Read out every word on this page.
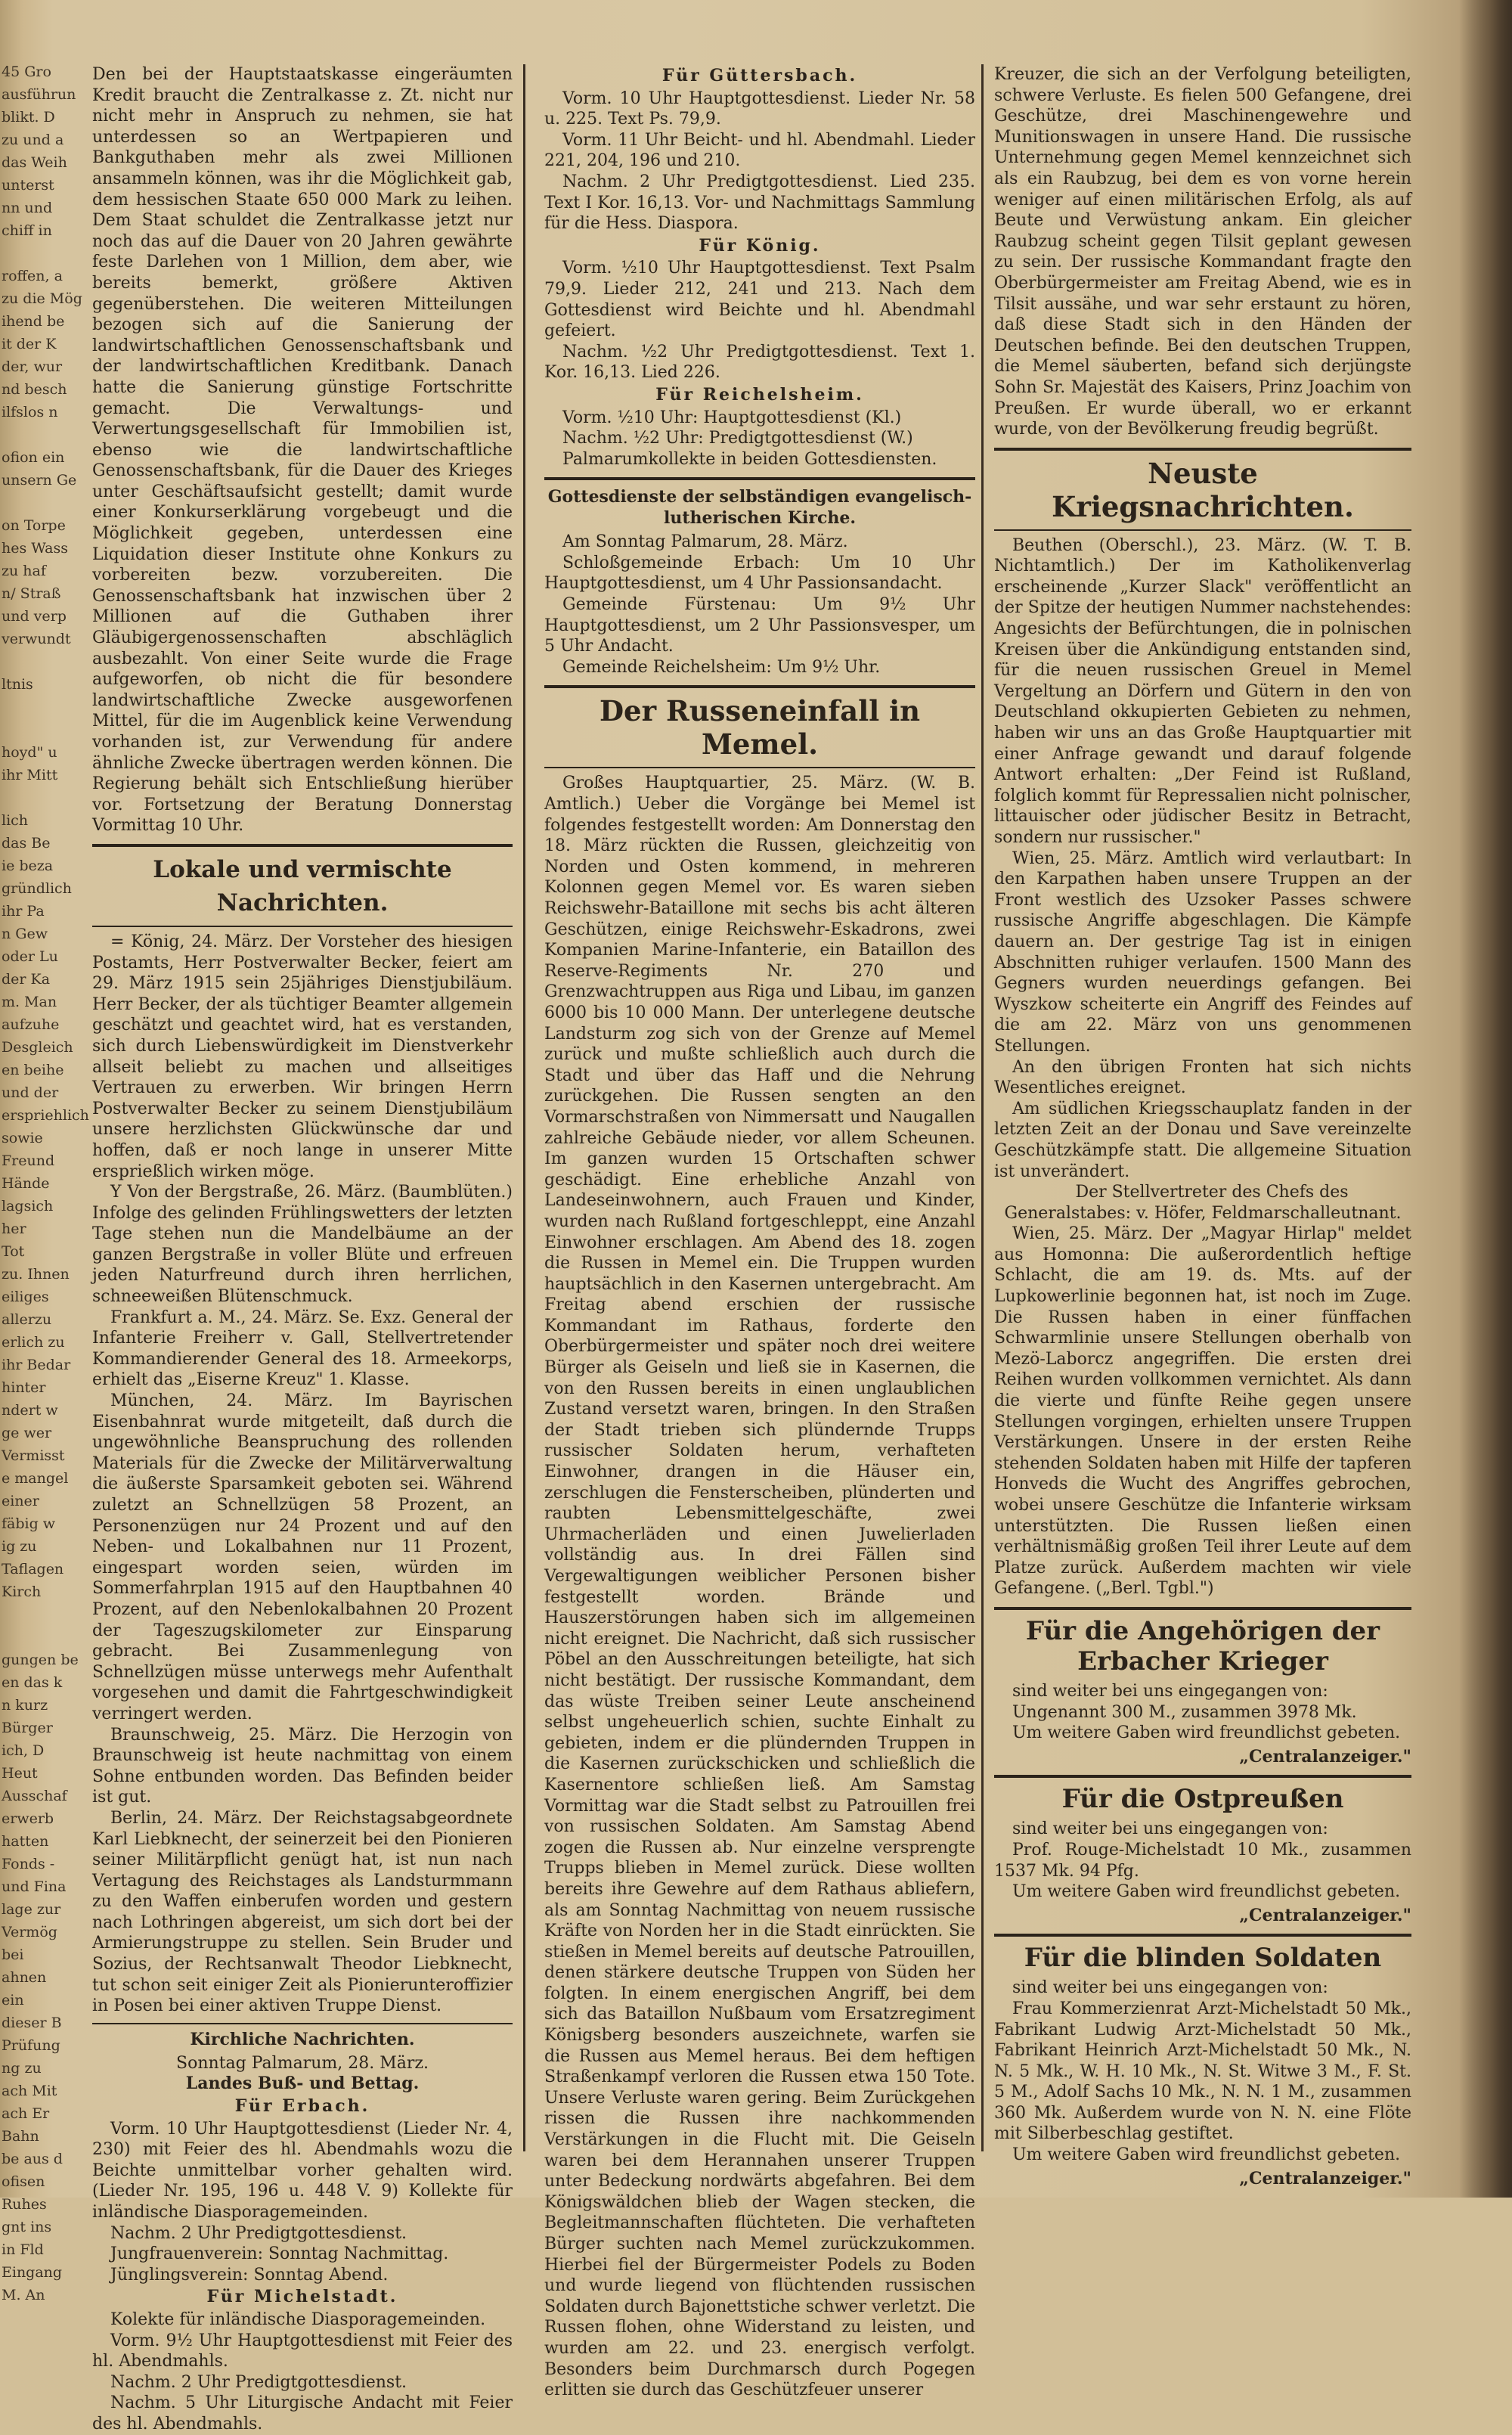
45 Gro
ausführun
blikt. D
zu und a
das Weih
unterst
nn und
chiff in

roffen, a
zu die Mög
ihend be
it der K
der, wur
nd besch
ilfslos n

ofion ein
unsern Ge

on Torpe
hes Wass
zu haf
n/ Straß
und verp
verwundt

ltnis

hoyd" u
ihr Mitt

lich
das Be
ie beza
gründlich
ihr Pa
n Gew
oder Lu
der Ka
m. Man
aufzuhe
Desgleich
en beihe
und der
erspriehlich
sowie
Freund
Hände
lagsich
her
Tot
zu. Ihnen
eiliges
allerzu
erlich zu
ihr Bedar
hinter
ndert w
ge wer
Vermisst
e mangel
einer
fäbig w
ig zu
Taflagen
Kirch

gungen be
en das k
n kurz
Bürger
ich, D
Heut
Ausschaf
erwerb
hatten
Fonds -
und Fina
lage zur
Vermög
bei
ahnen
ein
dieser B
Prüfung
ng zu
ach Mit
ach Er
Bahn
be aus d
ofisen
Ruhes
gnt ins
in Fld
Eingang
M. An

Den bei der Hauptstaatskasse eingeräumten Kredit braucht die Zentralkasse z. Zt. nicht nur nicht mehr in Anspruch zu nehmen, sie hat unterdessen so an Wertpapieren und Bankguthaben mehr als zwei Millionen ansammeln können, was ihr die Möglichkeit gab, dem hessischen Staate 650 000 Mark zu leihen. Dem Staat schuldet die Zentralkasse jetzt nur noch das auf die Dauer von 20 Jahren gewährte feste Darlehen von 1 Million, dem aber, wie bereits bemerkt, größere Aktiven gegenüberstehen. Die weiteren Mitteilungen bezogen sich auf die Sanierung der landwirtschaftlichen Genossenschaftsbank und der landwirtschaftlichen Kreditbank. Danach hatte die Sanierung günstige Fortschritte gemacht. Die Verwaltungs- und Verwertungsgesellschaft für Immobilien ist, ebenso wie die landwirtschaftliche Genossenschaftsbank, für die Dauer des Krieges unter Geschäftsaufsicht gestellt; damit wurde einer Konkurserklärung vorgebeugt und die Möglichkeit gegeben, unterdessen eine Liquidation dieser Institute ohne Konkurs zu vorbereiten bezw. vorzubereiten. Die Genossenschaftsbank hat inzwischen über 2 Millionen auf die Guthaben ihrer Gläubigergenossenschaften abschläglich ausbezahlt. Von einer Seite wurde die Frage aufgeworfen, ob nicht die für besondere landwirtschaftliche Zwecke ausgeworfenen Mittel, für die im Augenblick keine Verwendung vorhanden ist, zur Verwendung für andere ähnliche Zwecke übertragen werden können. Die Regierung behält sich Entschließung hierüber vor. Fortsetzung der Beratung Donnerstag Vormittag 10 Uhr.

Lokale und vermischte Nachrichten.

= König, 24. März. Der Vorsteher des hiesigen Postamts, Herr Postverwalter Becker, feiert am 29. März 1915 sein 25jähriges Dienstjubiläum. Herr Becker, der als tüchtiger Beamter allgemein geschätzt und geachtet wird, hat es verstanden, sich durch Liebenswürdigkeit im Dienstverkehr allseit beliebt zu machen und allseitiges Vertrauen zu erwerben. Wir bringen Herrn Postverwalter Becker zu seinem Dienstjubiläum unsere herzlichsten Glückwünsche dar und hoffen, daß er noch lange in unserer Mitte ersprießlich wirken möge.

Y Von der Bergstraße, 26. März. (Baumblüten.) Infolge des gelinden Frühlingswetters der letzten Tage stehen nun die Mandelbäume an der ganzen Bergstraße in voller Blüte und erfreuen jeden Naturfreund durch ihren herrlichen, schneeweißen Blütenschmuck.

Frankfurt a. M., 24. März. Se. Exz. General der Infanterie Freiherr v. Gall, Stellvertretender Kommandierender General des 18. Armeekorps, erhielt das „Eiserne Kreuz" 1. Klasse.

München, 24. März. Im Bayrischen Eisenbahnrat wurde mitgeteilt, daß durch die ungewöhnliche Beanspruchung des rollenden Materials für die Zwecke der Militärverwaltung die äußerste Sparsamkeit geboten sei. Während zuletzt an Schnellzügen 58 Prozent, an Personenzügen nur 24 Prozent und auf den Neben- und Lokalbahnen nur 11 Prozent, eingespart worden seien, würden im Sommerfahrplan 1915 auf den Hauptbahnen 40 Prozent, auf den Nebenlokalbahnen 20 Prozent der Tageszugskilometer zur Einsparung gebracht. Bei Zusammenlegung von Schnellzügen müsse unterwegs mehr Aufenthalt vorgesehen und damit die Fahrtgeschwindigkeit verringert werden.

Braunschweig, 25. März. Die Herzogin von Braunschweig ist heute nachmittag von einem Sohne entbunden worden. Das Befinden beider ist gut.

Berlin, 24. März. Der Reichstagsabgeordnete Karl Liebknecht, der seinerzeit bei den Pionieren seiner Militärpflicht genügt hat, ist nun nach Vertagung des Reichstages als Landsturmmann zu den Waffen einberufen worden und gestern nach Lothringen abgereist, um sich dort bei der Armierungstruppe zu stellen. Sein Bruder und Sozius, der Rechtsanwalt Theodor Liebknecht, tut schon seit einiger Zeit als Pionierunteroffizier in Posen bei einer aktiven Truppe Dienst.

Kirchliche Nachrichten.
Sonntag Palmarum, 28. März.
Landes Buß- und Bettag.
Für Erbach.

Vorm. 10 Uhr Hauptgottesdienst (Lieder Nr. 4, 230) mit Feier des hl. Abendmahls wozu die Beichte unmittelbar vorher gehalten wird. (Lieder Nr. 195, 196 u. 448 V. 9) Kollekte für inländische Diasporagemeinden.

Nachm. 2 Uhr Predigtgottesdienst.

Jungfrauenverein: Sonntag Nachmittag.

Jünglingsverein: Sonntag Abend.

Für Michelstadt.

Kolekte für inländische Diasporagemeinden.

Vorm. 9½ Uhr Hauptgottesdienst mit Feier des hl. Abendmahls.

Nachm. 2 Uhr Predigtgottesdienst.

Nachm. 5 Uhr Liturgische Andacht mit Feier des hl. Abendmahls.

Für Güttersbach.

Vorm. 10 Uhr Hauptgottesdienst. Lieder Nr. 58 u. 225. Text Ps. 79,9.

Vorm. 11 Uhr Beicht- und hl. Abendmahl. Lieder 221, 204, 196 und 210.

Nachm. 2 Uhr Predigtgottesdienst. Lied 235. Text I Kor. 16,13. Vor- und Nachmittags Sammlung für die Hess. Diaspora.

Für König.

Vorm. ½10 Uhr Hauptgottesdienst. Text Psalm 79,9. Lieder 212, 241 und 213. Nach dem Gottesdienst wird Beichte und hl. Abendmahl gefeiert.

Nachm. ½2 Uhr Predigtgottesdienst. Text 1. Kor. 16,13. Lied 226.

Für Reichelsheim.

Vorm. ½10 Uhr: Hauptgottesdienst (Kl.)

Nachm. ½2 Uhr: Predigtgottesdienst (W.)

Palmarumkollekte in beiden Gottesdiensten.

Gottesdienste der selbständigen evangelisch-lutherischen Kirche.

Am Sonntag Palmarum, 28. März.

Schloßgemeinde Erbach: Um 10 Uhr Hauptgottesdienst, um 4 Uhr Passionsandacht.

Gemeinde Fürstenau: Um 9½ Uhr Hauptgottesdienst, um 2 Uhr Passionsvesper, um 5 Uhr Andacht.

Gemeinde Reichelsheim: Um 9½ Uhr.

Der Russeneinfall in Memel.

Großes Hauptquartier, 25. März. (W. B. Amtlich.) Ueber die Vorgänge bei Memel ist folgendes festgestellt worden: Am Donnerstag den 18. März rückten die Russen, gleichzeitig von Norden und Osten kommend, in mehreren Kolonnen gegen Memel vor. Es waren sieben Reichswehr-Bataillone mit sechs bis acht älteren Geschützen, einige Reichswehr-Eskadrons, zwei Kompanien Marine-Infanterie, ein Bataillon des Reserve-Regiments Nr. 270 und Grenzwachtruppen aus Riga und Libau, im ganzen 6000 bis 10 000 Mann. Der unterlegene deutsche Landsturm zog sich von der Grenze auf Memel zurück und mußte schließlich auch durch die Stadt und über das Haff und die Nehrung zurückgehen. Die Russen sengten an den Vormarschstraßen von Nimmersatt und Naugallen zahlreiche Gebäude nieder, vor allem Scheunen. Im ganzen wurden 15 Ortschaften schwer geschädigt. Eine erhebliche Anzahl von Landeseinwohnern, auch Frauen und Kinder, wurden nach Rußland fortgeschleppt, eine Anzahl Einwohner erschlagen. Am Abend des 18. zogen die Russen in Memel ein. Die Truppen wurden hauptsächlich in den Kasernen untergebracht. Am Freitag abend erschien der russische Kommandant im Rathaus, forderte den Oberbürgermeister und später noch drei weitere Bürger als Geiseln und ließ sie in Kasernen, die von den Russen bereits in einen unglaublichen Zustand versetzt waren, bringen. In den Straßen der Stadt trieben sich plündernde Trupps russischer Soldaten herum, verhafteten Einwohner, drangen in die Häuser ein, zerschlugen die Fensterscheiben, plünderten und raubten Lebensmittelgeschäfte, zwei Uhrmacherläden und einen Juwelierladen vollständig aus. In drei Fällen sind Vergewaltigungen weiblicher Personen bisher festgestellt worden. Brände und Hauszerstörungen haben sich im allgemeinen nicht ereignet. Die Nachricht, daß sich russischer Pöbel an den Ausschreitungen beteiligte, hat sich nicht bestätigt. Der russische Kommandant, dem das wüste Treiben seiner Leute anscheinend selbst ungeheuerlich schien, suchte Einhalt zu gebieten, indem er die plündernden Truppen in die Kasernen zurückschicken und schließlich die Kasernentore schließen ließ. Am Samstag Vormittag war die Stadt selbst zu Patrouillen frei von russischen Soldaten. Am Samstag Abend zogen die Russen ab. Nur einzelne versprengte Trupps blieben in Memel zurück. Diese wollten bereits ihre Gewehre auf dem Rathaus abliefern, als am Sonntag Nachmittag von neuem russische Kräfte von Norden her in die Stadt einrückten. Sie stießen in Memel bereits auf deutsche Patrouillen, denen stärkere deutsche Truppen von Süden her folgten. In einem energischen Angriff, bei dem sich das Bataillon Nußbaum vom Ersatzregiment Königsberg besonders auszeichnete, warfen sie die Russen aus Memel heraus. Bei dem heftigen Straßenkampf verloren die Russen etwa 150 Tote. Unsere Verluste waren gering. Beim Zurückgehen rissen die Russen ihre nachkommenden Verstärkungen in die Flucht mit. Die Geiseln waren bei dem Herannahen unserer Truppen unter Bedeckung nordwärts abgefahren. Bei dem Königswäldchen blieb der Wagen stecken, die Begleitmannschaften flüchteten. Die verhafteten Bürger suchten nach Memel zurückzukommen. Hierbei fiel der Bürgermeister Podels zu Boden und wurde liegend von flüchtenden russischen Soldaten durch Bajonettstiche schwer verletzt. Die Russen flohen, ohne Widerstand zu leisten, und wurden am 22. und 23. energisch verfolgt. Besonders beim Durchmarsch durch Pogegen erlitten sie durch das Geschützfeuer unserer

Kreuzer, die sich an der Verfolgung beteiligten, schwere Verluste. Es fielen 500 Gefangene, drei Geschütze, drei Maschinengewehre und Munitionswagen in unsere Hand. Die russische Unternehmung gegen Memel kennzeichnet sich als ein Raubzug, bei dem es von vorne herein weniger auf einen militärischen Erfolg, als auf Beute und Verwüstung ankam. Ein gleicher Raubzug scheint gegen Tilsit geplant gewesen zu sein. Der russische Kommandant fragte den Oberbürgermeister am Freitag Abend, wie es in Tilsit aussähe, und war sehr erstaunt zu hören, daß diese Stadt sich in den Händen der Deutschen befinde. Bei den deutschen Truppen, die Memel säuberten, befand sich derjüngste Sohn Sr. Majestät des Kaisers, Prinz Joachim von Preußen. Er wurde überall, wo er erkannt wurde, von der Bevölkerung freudig begrüßt.

Neuste Kriegsnachrichten.

Beuthen (Oberschl.), 23. März. (W. T. B. Nichtamtlich.) Der im Katholikenverlag erscheinende „Kurzer Slack" veröffentlicht an der Spitze der heutigen Nummer nachstehendes: Angesichts der Befürchtungen, die in polnischen Kreisen über die Ankündigung entstanden sind, für die neuen russischen Greuel in Memel Vergeltung an Dörfern und Gütern in den von Deutschland okkupierten Gebieten zu nehmen, haben wir uns an das Große Hauptquartier mit einer Anfrage gewandt und darauf folgende Antwort erhalten: „Der Feind ist Rußland, folglich kommt für Repressalien nicht polnischer, littauischer oder jüdischer Besitz in Betracht, sondern nur russischer."

Wien, 25. März. Amtlich wird verlautbart: In den Karpathen haben unsere Truppen an der Front westlich des Uzsoker Passes schwere russische Angriffe abgeschlagen. Die Kämpfe dauern an. Der gestrige Tag ist in einigen Abschnitten ruhiger verlaufen. 1500 Mann des Gegners wurden neuerdings gefangen. Bei Wyszkow scheiterte ein Angriff des Feindes auf die am 22. März von uns genommenen Stellungen.

An den übrigen Fronten hat sich nichts Wesentliches ereignet.

Am südlichen Kriegsschauplatz fanden in der letzten Zeit an der Donau und Save vereinzelte Geschützkämpfe statt. Die allgemeine Situation ist unverändert.

Der Stellvertreter des Chefs des Generalstabes: v. Höfer, Feldmarschalleutnant.

Wien, 25. März. Der „Magyar Hirlap" meldet aus Homonna: Die außerordentlich heftige Schlacht, die am 19. ds. Mts. auf der Lupkowerlinie begonnen hat, ist noch im Zuge. Die Russen haben in einer fünffachen Schwarmlinie unsere Stellungen oberhalb von Mezö-Laborcz angegriffen. Die ersten drei Reihen wurden vollkommen vernichtet. Als dann die vierte und fünfte Reihe gegen unsere Stellungen vorgingen, erhielten unsere Truppen Verstärkungen. Unsere in der ersten Reihe stehenden Soldaten haben mit Hilfe der tapferen Honveds die Wucht des Angriffes gebrochen, wobei unsere Geschütze die Infanterie wirksam unterstützten. Die Russen ließen einen verhältnismäßig großen Teil ihrer Leute auf dem Platze zurück. Außerdem machten wir viele Gefangene. („Berl. Tgbl.")

Für die Angehörigen der Erbacher Krieger

sind weiter bei uns eingegangen von:

Ungenannt 300 M., zusammen 3978 Mk.

Um weitere Gaben wird freundlichst gebeten.

„Centralanzeiger."
Für die Ostpreußen

sind weiter bei uns eingegangen von:

Prof. Rouge-Michelstadt 10 Mk., zusammen 1537 Mk. 94 Pfg.

Um weitere Gaben wird freundlichst gebeten.

„Centralanzeiger."
Für die blinden Soldaten

sind weiter bei uns eingegangen von:

Frau Kommerzienrat Arzt-Michelstadt 50 Mk., Fabrikant Ludwig Arzt-Michelstadt 50 Mk., Fabrikant Heinrich Arzt-Michelstadt 50 Mk., N. N. 5 Mk., W. H. 10 Mk., N. St. Witwe 3 M., F. St. 5 M., Adolf Sachs 10 Mk., N. N. 1 M., zusammen 360 Mk. Außerdem wurde von N. N. eine Flöte mit Silberbeschlag gestiftet.

Um weitere Gaben wird freundlichst gebeten.

„Centralanzeiger."
